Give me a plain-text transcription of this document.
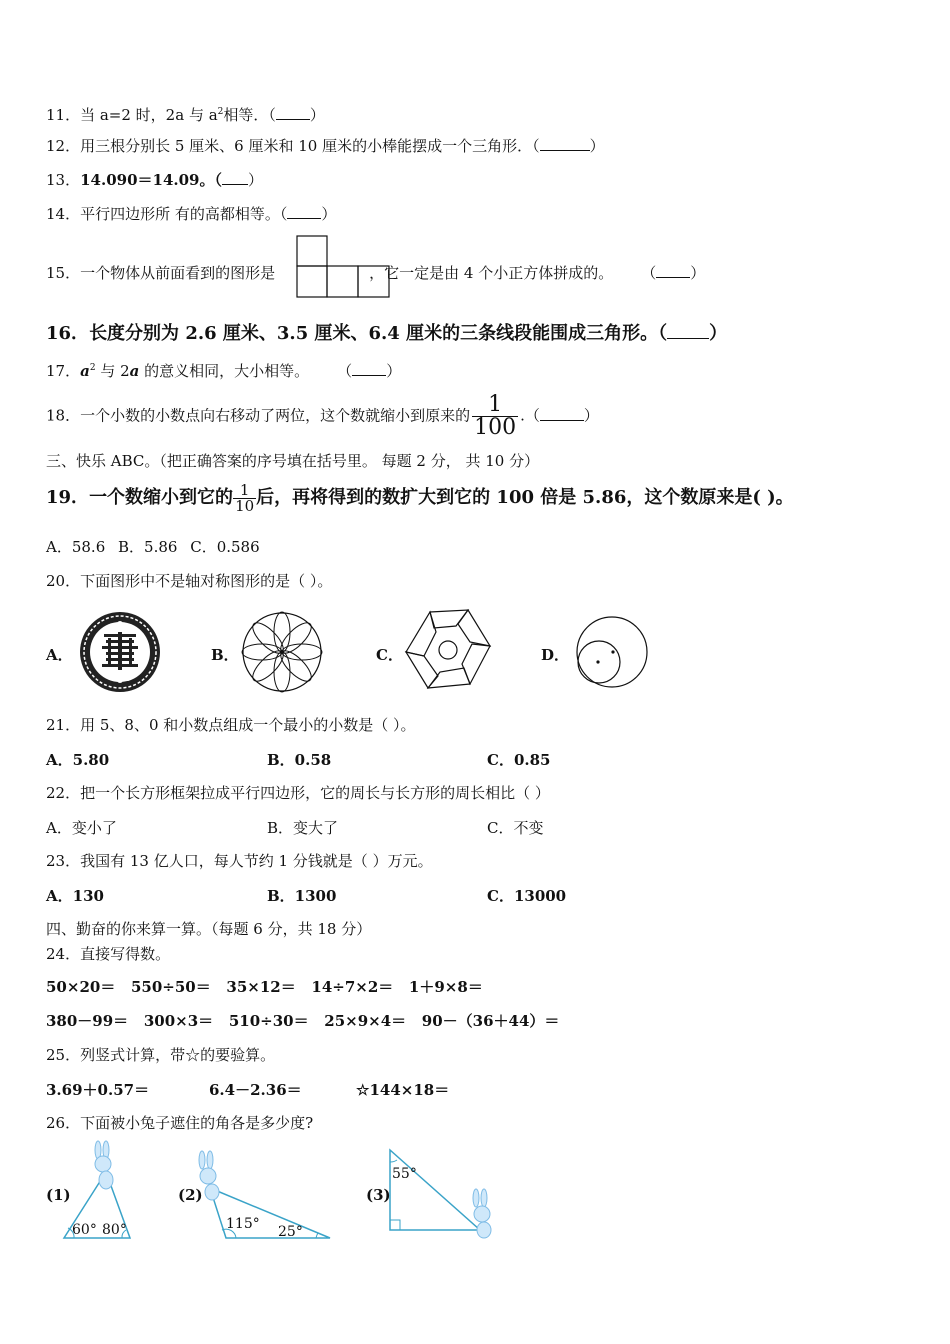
11．当 a=2 时，2a 与 $a^2$相等．（ ）
12．用三根分别长 5 厘米、6 厘米和 10 厘米的小棒能摆成一个三角形．（	）
13．14.090＝14.09。（ ）
14．平行四边形所 有的高都相等。（ ）
15．一个物体从前面看到的图形是	，它一定是由 4 个小正方体拼成的。 （ ）
16．长度分别为 2.6 厘米、3.5 厘米、6.4 厘米的三条线段能围成三角形。（ ）
17．$a^2$ 与 2a 的意义相同，大小相等。 （ ）
18．一个小数的小数点向右移动了两位，这个数就缩小到原来的 $\frac{1}{100}$ .（	）
三、快乐 ABC。（把正确答案的序号填在括号里。 每题 2 分， 共 10 分）
19．一个数缩小到它的 $\frac{1}{10}$ 后，再将得到的数扩大到它的 100 倍是 5.86，这个数原来是( )。
A．58.6 B．5.86 C．0.586
20．下面图形中不是轴对称图形的是（ ）。
A．	B．	C．	D．
21．用 5、8、0 和小数点组成一个最小的小数是（ ）。
A．5.80	B．0.58	C．0.85
22．把一个长方形框架拉成平行四边形，它的周长与长方形的周长相比（ ）
A．变小了	B．变大了	C．不变
23．我国有 13 亿人口，每人节约 1 分钱就是（ ）万元。
A．130	B．1300	C．13000
四、勤奋的你来算一算。（每题 6 分，共 18 分）
24．直接写得数。
50×20＝   550÷50＝   35×12＝   14÷7×2＝   1＋9×8＝
380－99＝   300×3＝   510÷30＝   25×9×4＝   90－（36＋44）＝
25．列竖式计算，带☆的要验算。
3.69＋0.57＝	6.4－2.36＝	☆144×18＝
26．下面被小兔子遮住的角各是多少度?
(1)	(2)	(3)
60° 80°	115° 25°
55°
